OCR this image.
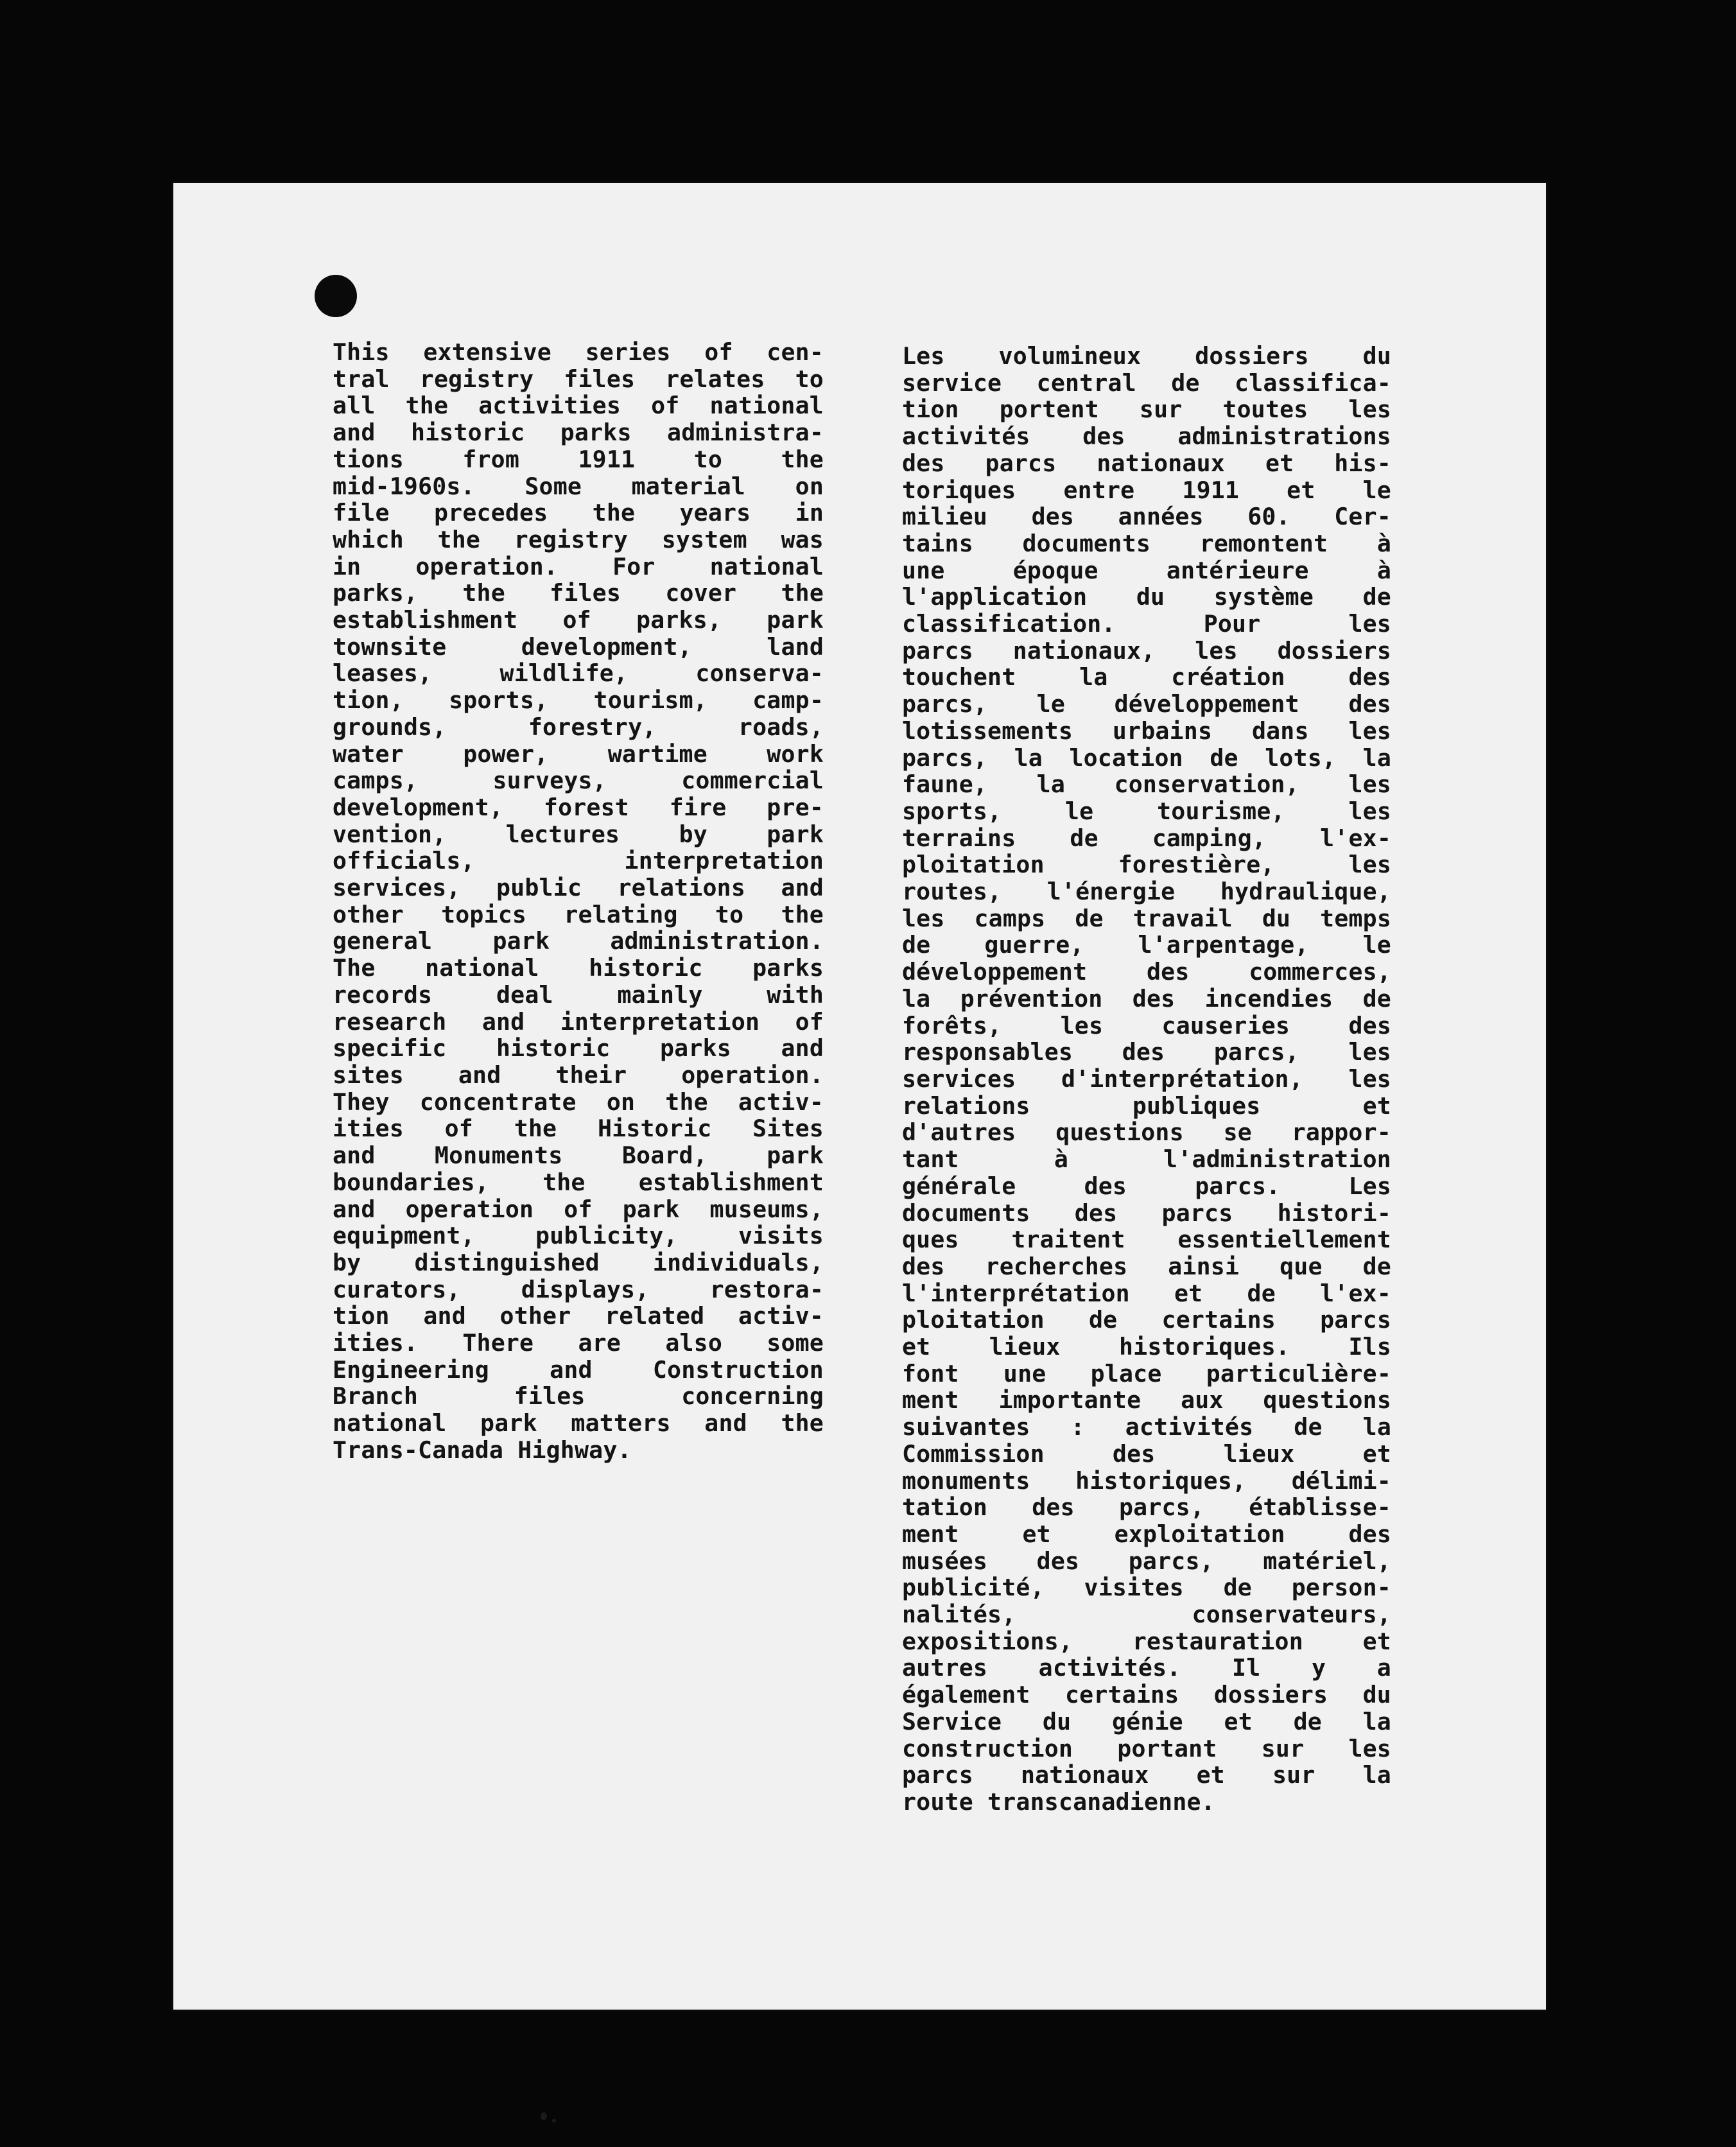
This extensive series of cen-
tral registry files relates to
all the activities of national
and historic parks administra-
tions	from	1911	to	the
mid-1960s. Some material on
file precedes the years in
which the registry system was
in operation. For national
parks, the files cover the
establishment of parks, park
townsite	development,	land
leases,	wildlife,	conserva-
tion, sports, tourism, camp-
grounds,	forestry,	roads,
water	power,	wartime	work
camps,	surveys,	commercial
development, forest fire pre-
vention,	lectures	by	park
officials,	interpretation
services, public relations and
other topics relating to the
general	park	administration.
The national historic parks
records	deal	mainly	with
research and interpretation of
specific historic parks and
sites and their operation.
They concentrate on the activ-
ities of the Historic Sites
and	Monuments	Board,	park
boundaries, the establishment
and operation of park museums,
equipment,	publicity,	visits
by distinguished individuals,
curators,	displays,	restora-
tion and other related activ-
ities. There are also some
Engineering	and	Construction
Branch	files	concerning
national park matters and the
Trans-Canada Highway.
Les volumineux dossiers du
service central de classifica-
tion portent sur toutes les
activités des administrations
des parcs nationaux et his-
toriques entre 1911 et le
milieu des années 60. Cer-
tains documents remontent à
une	époque	antérieure	à
l'application du système de
classification.	Pour	les
parcs nationaux, les dossiers
touchent	la	création	des
parcs, le développement des
lotissements urbains dans les
parcs, la location de lots, la
faune, la conservation, les
sports,	le	tourisme,	les
terrains de camping, l'ex-
ploitation	forestière,	les
routes, l'énergie hydraulique,
les camps de travail du temps
de guerre, l'arpentage, le
développement	des	commerces,
la prévention des incendies de
forêts,	les	causeries	des
responsables des parcs, les
services d'interprétation, les
relations	publiques	et
d'autres questions se rappor-
tant	à	l'administration
générale	des	parcs.	Les
documents des parcs histori-
ques traitent essentiellement
des recherches ainsi que de
l'interprétation et de l'ex-
ploitation de certains parcs
et	lieux	historiques.	Ils
font une place particulière-
ment importante aux questions
suivantes : activités de la
Commission	des	lieux	et
monuments historiques, délimi-
tation des parcs, établisse-
ment	et	exploitation	des
musées des parcs, matériel,
publicité, visites de person-
nalités,	conservateurs,
expositions,	restauration	et
autres activités. Il y a
également certains dossiers du
Service du génie et de la
construction portant sur les
parcs nationaux et sur la
route transcanadienne.
